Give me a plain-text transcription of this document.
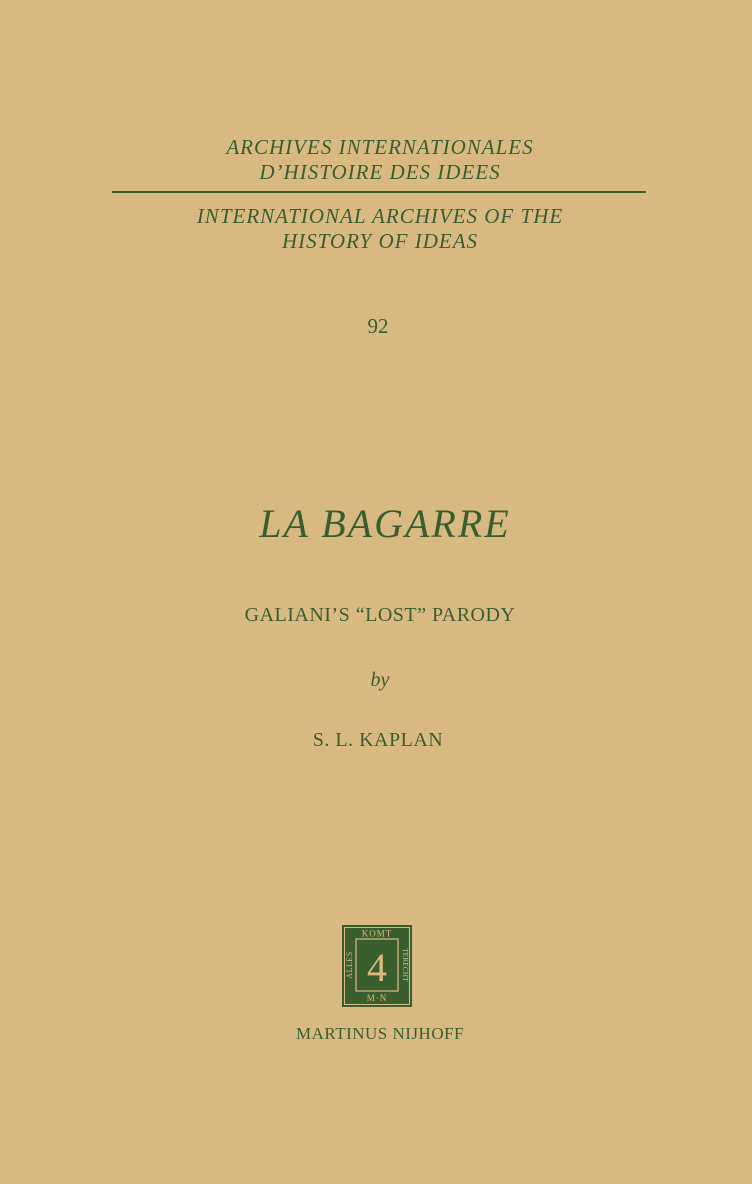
ARCHIVES INTERNATIONALES
D’HISTOIRE DES IDEES
INTERNATIONAL ARCHIVES OF THE
HISTORY OF IDEAS
92
LA BAGARRE
GALIANI’S “LOST” PARODY
by
S. L. KAPLAN
KOMT
M·N
ALLES	TERECHT
4
MARTINUS NIJHOFF
